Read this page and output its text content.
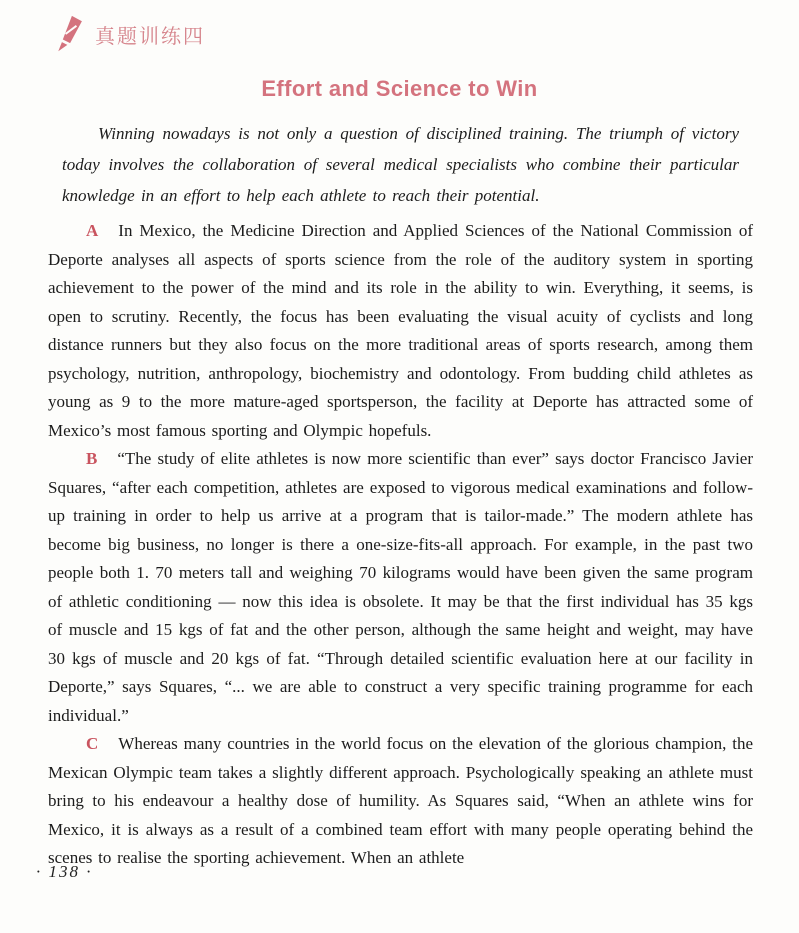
真题训练四
Effort and Science to Win

Winning nowadays is not only a question of disciplined training. The triumph of victory today involves the collaboration of several medical specialists who combine their particular knowledge in an effort to help each athlete to reach their potential.

A In Mexico, the Medicine Direction and Applied Sciences of the National Commission of Deporte analyses all aspects of sports science from the role of the auditory system in sporting achievement to the power of the mind and its role in the ability to win. Everything, it seems, is open to scrutiny. Recently, the focus has been evaluating the visual acuity of cyclists and long distance runners but they also focus on the more traditional areas of sports research, among them psychology, nutrition, anthropology, biochemistry and odontology. From budding child athletes as young as 9 to the more mature-aged sportsperson, the facility at Deporte has attracted some of Mexico’s most famous sporting and Olympic hopefuls.

B “The study of elite athletes is now more scientific than ever” says doctor Francisco Javier Squares, “after each competition, athletes are exposed to vigorous medical examinations and follow-up training in order to help us arrive at a program that is tailor-made.” The modern athlete has become big business, no longer is there a one-size-fits-all approach. For example, in the past two people both 1. 70 meters tall and weighing 70 kilograms would have been given the same program of athletic conditioning — now this idea is obsolete. It may be that the first individual has 35 kgs of muscle and 15 kgs of fat and the other person, although the same height and weight, may have 30 kgs of muscle and 20 kgs of fat. “Through detailed scientific evaluation here at our facility in Deporte,” says Squares, “... we are able to construct a very specific training programme for each individual.”

C Whereas many countries in the world focus on the elevation of the glorious champion, the Mexican Olympic team takes a slightly different approach. Psychologically speaking an athlete must bring to his endeavour a healthy dose of humility. As Squares said, “When an athlete wins for Mexico, it is always as a result of a combined team effort with many people operating behind the scenes to realise the sporting achievement. When an athlete

· 138 ·
